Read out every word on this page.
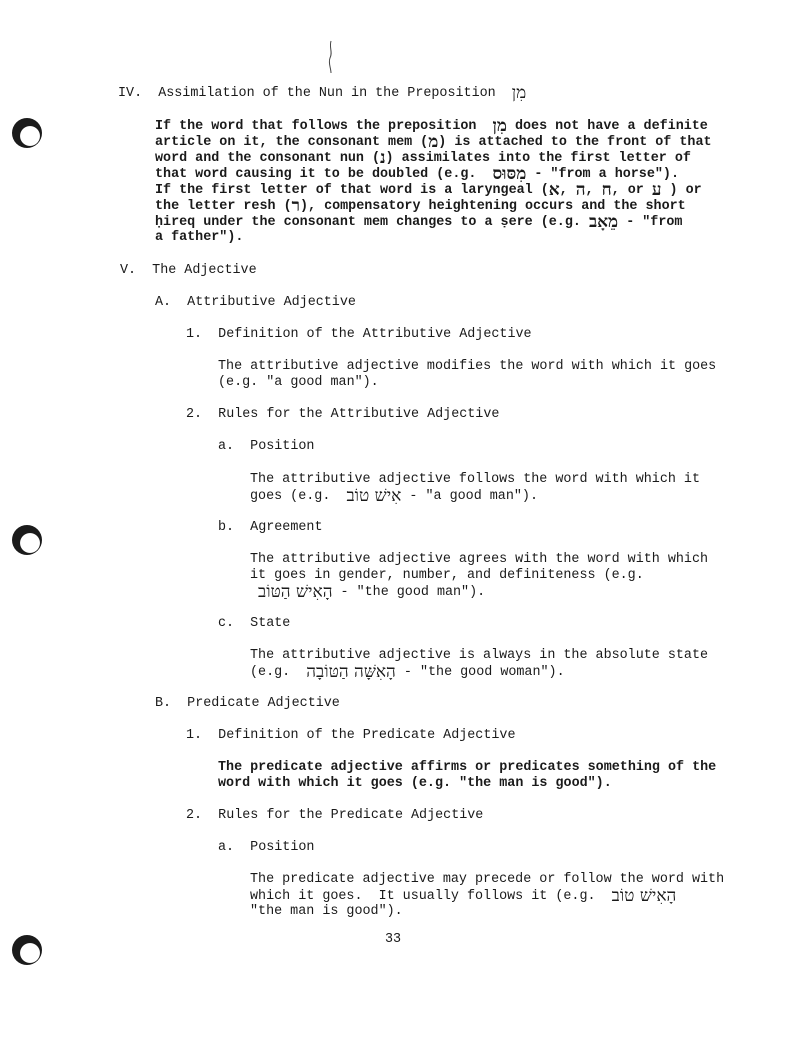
IV. Assimilation of the Nun in the Preposition מִן
If the word that follows the preposition מִן does not have a definite
article on it, the consonant mem (מ) is attached to the front of that
word and the consonant nun (נ) assimilates into the first letter of
that word causing it to be doubled (e.g. מִסּוּס - "from a horse").
If the first letter of that word is a laryngeal (א, ה, ח, or ע ) or
the letter resh (ר), compensatory heightening occurs and the short
ḥireq under the consonant mem changes to a ṣere (e.g. מֵאָב - "from
a father").
V. The Adjective
A. Attributive Adjective
1. Definition of the Attributive Adjective
The attributive adjective modifies the word with which it goes
(e.g. "a good man").
2. Rules for the Attributive Adjective
a. Position
The attributive adjective follows the word with which it
goes (e.g. אִישׁ טוֹב - "a good man").
b. Agreement
The attributive adjective agrees with the word with which
it goes in gender, number, and definiteness (e.g.
הָאִישׁ הַטּוֹב - "the good man").
c. State
The attributive adjective is always in the absolute state
(e.g. הָאִשָּׁה הַטּוֹבָה - "the good woman").
B. Predicate Adjective
1. Definition of the Predicate Adjective
The predicate adjective affirms or predicates something of the
word with which it goes (e.g. "the man is good").
2. Rules for the Predicate Adjective
a. Position
The predicate adjective may precede or follow the word with
which it goes.  It usually follows it (e.g. הָאִישׁ טוֹב
"the man is good").
33
